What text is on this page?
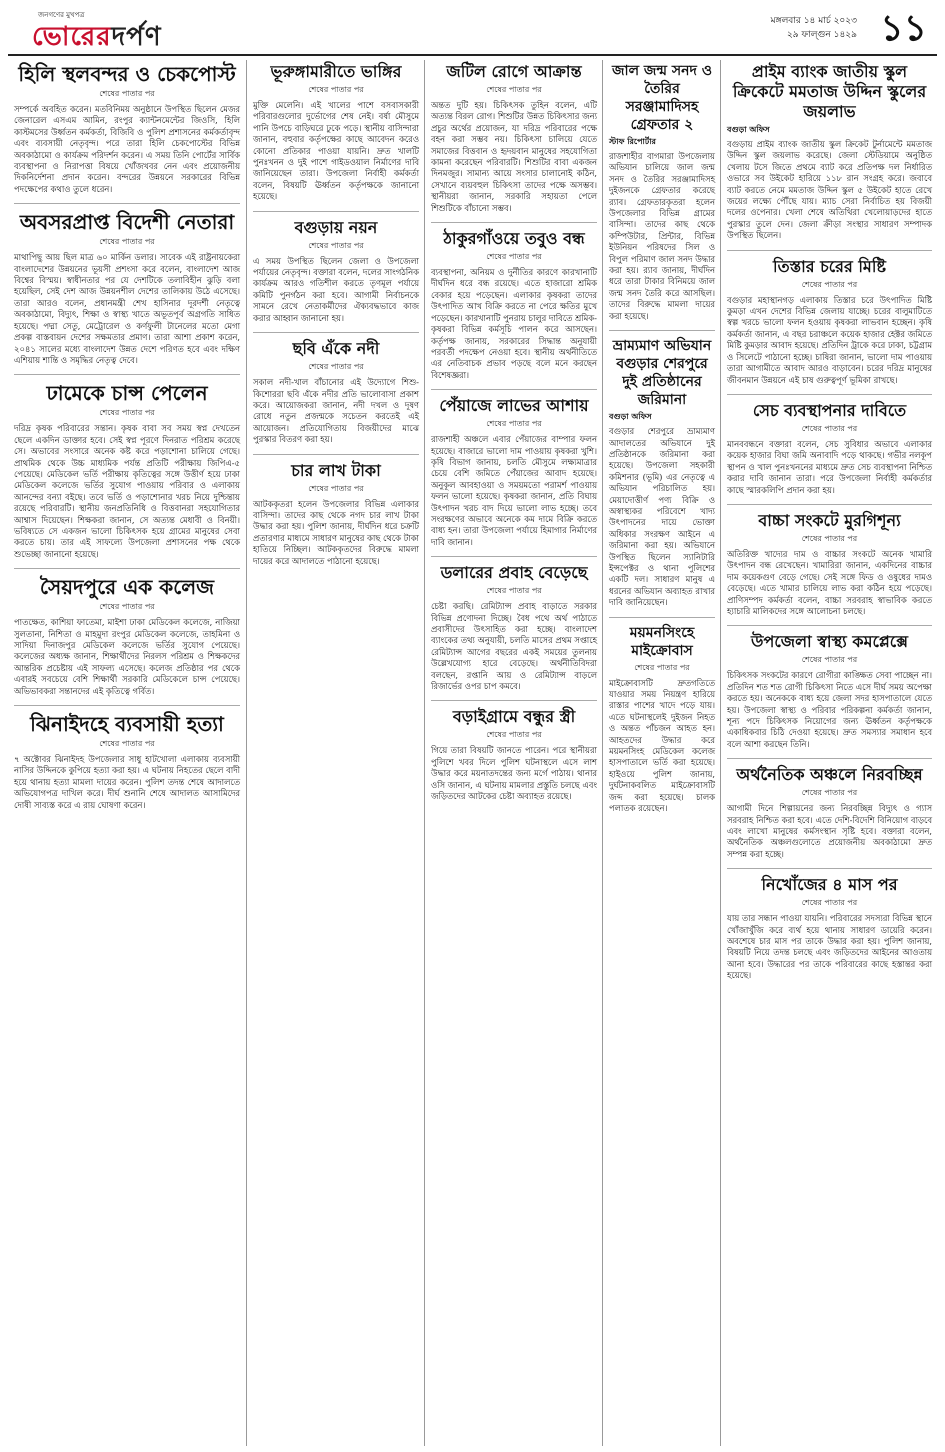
জনগণের মুখপত্র
ভোরেরদর্পণ
মঙ্গলবার ১৪ মার্চ ২০২৩
২৯ ফাল্গুন ১৪২৯ ১১
হিলি স্থলবন্দর ও চেকপোস্ট
শেষের পাতার পর
সম্পর্কে অবহিত করেন। মতবিনিময় অনুষ্ঠানে উপস্থিত ছিলেন মেজর জেনারেল এসএম আমিন, রংপুর ক্যান্টনমেন্টের জিওসি, হিলি কাস্টমসের উর্ধ্বতন কর্মকর্তা, বিজিবি ও পুলিশ প্রশাসনের কর্মকর্তাবৃন্দ এবং ব্যবসায়ী নেতৃবৃন্দ। পরে তারা হিলি চেকপোস্টের বিভিন্ন অবকাঠামো ও কার্যক্রম পরিদর্শন করেন। এ সময় তিনি পোর্টের সার্বিক ব্যবস্থাপনা ও নিরাপত্তা বিষয়ে খোঁজখবর নেন এবং প্রয়োজনীয় দিকনির্দেশনা প্রদান করেন। বন্দরের উন্নয়নে সরকারের বিভিন্ন পদক্ষেপের কথাও তুলে ধরেন।
অবসরপ্রাপ্ত বিদেশী নেতারা
শেষের পাতার পর
মাথাপিছু আয় ছিল মাত্র ৬০ মার্কিন ডলার। সাবেক এই রাষ্ট্রনায়কেরা বাংলাদেশের উন্নয়নের ভূয়সী প্রশংসা করে বলেন, বাংলাদেশ আজ বিশ্বের বিস্ময়। স্বাধীনতার পর যে দেশটিকে তলাবিহীন ঝুড়ি বলা হয়েছিল, সেই দেশ আজ উন্নয়নশীল দেশের তালিকায় উঠে এসেছে। তারা আরও বলেন, প্রধানমন্ত্রী শেখ হাসিনার দূরদর্শী নেতৃত্বে অবকাঠামো, বিদ্যুৎ, শিক্ষা ও স্বাস্থ্য খাতে অভূতপূর্ব অগ্রগতি সাধিত হয়েছে। পদ্মা সেতু, মেট্রোরেল ও কর্ণফুলী টানেলের মতো মেগা প্রকল্প বাস্তবায়ন দেশের সক্ষমতার প্রমাণ। তারা আশা প্রকাশ করেন, ২০৪১ সালের মধ্যে বাংলাদেশ উন্নত দেশে পরিণত হবে এবং দক্ষিণ এশিয়ায় শান্তি ও সমৃদ্ধির নেতৃত্ব দেবে।
ঢামেকে চান্স পেলেন
শেষের পাতার পর
দরিদ্র কৃষক পরিবারের সন্তান। কৃষক বাবা সব সময় স্বপ্ন দেখতেন ছেলে একদিন ডাক্তার হবে। সেই স্বপ্ন পূরণে দিনরাত পরিশ্রম করেছে সে। অভাবের সংসারে অনেক কষ্ট করে পড়াশোনা চালিয়ে গেছে। প্রাথমিক থেকে উচ্চ মাধ্যমিক পর্যন্ত প্রতিটি পরীক্ষায় জিপিএ-৫ পেয়েছে। মেডিকেল ভর্তি পরীক্ষায় কৃতিত্বের সঙ্গে উত্তীর্ণ হয়ে ঢাকা মেডিকেল কলেজে ভর্তির সুযোগ পাওয়ায় পরিবার ও এলাকায় আনন্দের বন্যা বইছে। তবে ভর্তি ও পড়াশোনার খরচ নিয়ে দুশ্চিন্তায় রয়েছে পরিবারটি। স্থানীয় জনপ্রতিনিধি ও বিত্তবানরা সহযোগিতার আশ্বাস দিয়েছেন। শিক্ষকরা জানান, সে অত্যন্ত মেধাবী ও বিনয়ী। ভবিষ্যতে সে একজন ভালো চিকিৎসক হয়ে গ্রামের মানুষের সেবা করতে চায়। তার এই সাফল্যে উপজেলা প্রশাসনের পক্ষ থেকে শুভেচ্ছা জানানো হয়েছে।
সৈয়দপুরে এক কলেজ
শেষের পাতার পর
পাতক্ষেত, কাশিয়া ফাতেমা, মাইশা ঢাকা মেডিকেল কলেজে, নাজিয়া সুলতানা, নিশিতা ও মাহমুদা রংপুর মেডিকেল কলেজে, তাহমিনা ও সাদিয়া দিনাজপুর মেডিকেল কলেজে ভর্তির সুযোগ পেয়েছে। কলেজের অধ্যক্ষ জানান, শিক্ষার্থীদের নিরলস পরিশ্রম ও শিক্ষকদের আন্তরিক প্রচেষ্টায় এই সাফল্য এসেছে। কলেজ প্রতিষ্ঠার পর থেকে এবারই সবচেয়ে বেশি শিক্ষার্থী সরকারি মেডিকেলে চান্স পেয়েছে। অভিভাবকরা সন্তানদের এই কৃতিত্বে গর্বিত।
ঝিনাইদহে ব্যবসায়ী হত্যা
শেষের পাতার পর
৭ অক্টোবর ঝিনাইদহ উপজেলার সাধু হাটখোলা এলাকায় ব্যবসায়ী নাসির উদ্দিনকে কুপিয়ে হত্যা করা হয়। এ ঘটনায় নিহতের ছেলে বাদী হয়ে থানায় হত্যা মামলা দায়ের করেন। পুলিশ তদন্ত শেষে আদালতে অভিযোগপত্র দাখিল করে। দীর্ঘ শুনানি শেষে আদালত আসামিদের দোষী সাব্যস্ত করে এ রায় ঘোষণা করেন।
ভূরুঙ্গামারীতে ভাঙ্গির
শেষের পাতার পর
মুক্তি মেলেনি। এই খালের পাশে বসবাসকারী পরিবারগুলোর দুর্ভোগের শেষ নেই। বর্ষা মৌসুমে পানি উপচে বাড়িঘরে ঢুকে পড়ে। স্থানীয় বাসিন্দারা জানান, বহুবার কর্তৃপক্ষের কাছে আবেদন করেও কোনো প্রতিকার পাওয়া যায়নি। দ্রুত খালটি পুনঃখনন ও দুই পাশে গাইডওয়াল নির্মাণের দাবি জানিয়েছেন তারা। উপজেলা নির্বাহী কর্মকর্তা বলেন, বিষয়টি ঊর্ধ্বতন কর্তৃপক্ষকে জানানো হয়েছে।
বগুড়ায় নয়ন
শেষের পাতার পর
এ সময় উপস্থিত ছিলেন জেলা ও উপজেলা পর্যায়ের নেতৃবৃন্দ। বক্তারা বলেন, দলের সাংগঠনিক কার্যক্রম আরও গতিশীল করতে তৃণমূল পর্যায়ে কমিটি পুনর্গঠন করা হবে। আগামী নির্বাচনকে সামনে রেখে নেতাকর্মীদের ঐক্যবদ্ধভাবে কাজ করার আহ্বান জানানো হয়।
ছবি এঁকে নদী
শেষের পাতার পর
সকাল নদী-খাল বাঁচানোর এই উদ্যোগে শিশু-কিশোররা ছবি এঁকে নদীর প্রতি ভালোবাসা প্রকাশ করে। আয়োজকরা জানান, নদী দখল ও দূষণ রোধে নতুন প্রজন্মকে সচেতন করতেই এই আয়োজন। প্রতিযোগিতায় বিজয়ীদের মাঝে পুরস্কার বিতরণ করা হয়।
চার লাখ টাকা
শেষের পাতার পর
আটককৃতরা হলেন উপজেলার বিভিন্ন এলাকার বাসিন্দা। তাদের কাছ থেকে নগদ চার লাখ টাকা উদ্ধার করা হয়। পুলিশ জানায়, দীর্ঘদিন ধরে চক্রটি প্রতারণার মাধ্যমে সাধারণ মানুষের কাছ থেকে টাকা হাতিয়ে নিচ্ছিল। আটককৃতদের বিরুদ্ধে মামলা দায়ের করে আদালতে পাঠানো হয়েছে।
জটিল রোগে আক্রান্ত
শেষের পাতার পর
অন্তত দুটি হয়। চিকিৎসক তুহিন বলেন, এটি অত্যন্ত বিরল রোগ। শিশুটির উন্নত চিকিৎসার জন্য প্রচুর অর্থের প্রয়োজন, যা দরিদ্র পরিবারের পক্ষে বহন করা সম্ভব নয়। চিকিৎসা চালিয়ে যেতে সমাজের বিত্তবান ও হৃদয়বান মানুষের সহযোগিতা কামনা করেছেন পরিবারটি। শিশুটির বাবা একজন দিনমজুর। সামান্য আয়ে সংসার চালানোই কঠিন, সেখানে ব্যয়বহুল চিকিৎসা তাদের পক্ষে অসম্ভব। স্থানীয়রা জানান, সরকারি সহায়তা পেলে শিশুটিকে বাঁচানো সম্ভব।
ঠাকুরগাঁওয়ে তবুও বন্ধ
শেষের পাতার পর
ব্যবস্থাপনা, অনিয়ম ও দুর্নীতির কারণে কারখানাটি দীর্ঘদিন ধরে বন্ধ রয়েছে। এতে হাজারো শ্রমিক বেকার হয়ে পড়েছেন। এলাকার কৃষকরা তাদের উৎপাদিত আখ বিক্রি করতে না পেরে ক্ষতির মুখে পড়েছেন। কারখানাটি পুনরায় চালুর দাবিতে শ্রমিক-কৃষকরা বিভিন্ন কর্মসূচি পালন করে আসছেন। কর্তৃপক্ষ জানায়, সরকারের সিদ্ধান্ত অনুযায়ী পরবর্তী পদক্ষেপ নেওয়া হবে। স্থানীয় অর্থনীতিতে এর নেতিবাচক প্রভাব পড়ছে বলে মনে করছেন বিশেষজ্ঞরা।
পেঁয়াজে লাভের আশায়
শেষের পাতার পর
রাজশাহী অঞ্চলে এবার পেঁয়াজের বাম্পার ফলন হয়েছে। বাজারে ভালো দাম পাওয়ায় কৃষকরা খুশি। কৃষি বিভাগ জানায়, চলতি মৌসুমে লক্ষ্যমাত্রার চেয়ে বেশি জমিতে পেঁয়াজের আবাদ হয়েছে। অনুকূল আবহাওয়া ও সময়মতো পরামর্শ পাওয়ায় ফলন ভালো হয়েছে। কৃষকরা জানান, প্রতি বিঘায় উৎপাদন খরচ বাদ দিয়ে ভালো লাভ হচ্ছে। তবে সংরক্ষণের অভাবে অনেকে কম দামে বিক্রি করতে বাধ্য হন। তারা উপজেলা পর্যায়ে হিমাগার নির্মাণের দাবি জানান।
ডলারের প্রবাহ বেড়েছে
শেষের পাতার পর
চেষ্টা করছি। রেমিট্যান্স প্রবাহ বাড়াতে সরকার বিভিন্ন প্রণোদনা দিচ্ছে। বৈধ পথে অর্থ পাঠাতে প্রবাসীদের উৎসাহিত করা হচ্ছে। বাংলাদেশ ব্যাংকের তথ্য অনুযায়ী, চলতি মাসের প্রথম সপ্তাহে রেমিট্যান্স আগের বছরের একই সময়ের তুলনায় উল্লেখযোগ্য হারে বেড়েছে। অর্থনীতিবিদরা বলছেন, রপ্তানি আয় ও রেমিট্যান্স বাড়লে রিজার্ভের ওপর চাপ কমবে।
বড়াইগ্রামে বন্ধুর স্ত্রী
শেষের পাতার পর
গিয়ে তারা বিষয়টি জানতে পারেন। পরে স্থানীয়রা পুলিশে খবর দিলে পুলিশ ঘটনাস্থলে এসে লাশ উদ্ধার করে ময়নাতদন্তের জন্য মর্গে পাঠায়। থানার ওসি জানান, এ ঘটনায় মামলার প্রস্তুতি চলছে এবং জড়িতদের আটকের চেষ্টা অব্যাহত রয়েছে।
জাল জন্ম সনদ ও তৈরির সরঞ্জামাদিসহ গ্রেফতার ২
স্টাফ রিপোর্টার
রাজশাহীর বাগমারা উপজেলায় অভিযান চালিয়ে জাল জন্ম সনদ ও তৈরির সরঞ্জামাদিসহ দুইজনকে গ্রেফতার করেছে র‌্যাব। গ্রেফতারকৃতরা হলেন উপজেলার বিভিন্ন গ্রামের বাসিন্দা। তাদের কাছ থেকে কম্পিউটার, প্রিন্টার, বিভিন্ন ইউনিয়ন পরিষদের সিল ও বিপুল পরিমাণ জাল সনদ উদ্ধার করা হয়। র‌্যাব জানায়, দীর্ঘদিন ধরে তারা টাকার বিনিময়ে জাল জন্ম সনদ তৈরি করে আসছিল। তাদের বিরুদ্ধে মামলা দায়ের করা হয়েছে।
ভ্রাম্যমাণ অভিযান বগুড়ার শেরপুরে দুই প্রতিষ্ঠানের জরিমানা
বগুড়া অফিস
বগুড়ার শেরপুরে ভ্রাম্যমাণ আদালতের অভিযানে দুই প্রতিষ্ঠানকে জরিমানা করা হয়েছে। উপজেলা সহকারী কমিশনার (ভূমি) এর নেতৃত্বে এ অভিযান পরিচালিত হয়। মেয়াদোত্তীর্ণ পণ্য বিক্রি ও অস্বাস্থ্যকর পরিবেশে খাদ্য উৎপাদনের দায়ে ভোক্তা অধিকার সংরক্ষণ আইনে এ জরিমানা করা হয়। অভিযানে উপস্থিত ছিলেন স্যানিটারি ইন্সপেক্টর ও থানা পুলিশের একটি দল। সাধারণ মানুষ এ ধরনের অভিযান অব্যাহত রাখার দাবি জানিয়েছেন।
ময়মনসিংহে মাইক্রোবাস
শেষের পাতার পর
মাইক্রোবাসটি দ্রুতগতিতে যাওয়ার সময় নিয়ন্ত্রণ হারিয়ে রাস্তার পাশের খাদে পড়ে যায়। এতে ঘটনাস্থলেই দুইজন নিহত ও অন্তত পাঁচজন আহত হন। আহতদের উদ্ধার করে ময়মনসিংহ মেডিকেল কলেজ হাসপাতালে ভর্তি করা হয়েছে। হাইওয়ে পুলিশ জানায়, দুর্ঘটনাকবলিত মাইক্রোবাসটি জব্দ করা হয়েছে। চালক পলাতক রয়েছেন।
প্রাইম ব্যাংক জাতীয় স্কুল ক্রিকেটে মমতাজ উদ্দিন স্কুলের জয়লাভ
বগুড়া অফিস
বগুড়ায় প্রাইম ব্যাংক জাতীয় স্কুল ক্রিকেট টুর্নামেন্টে মমতাজ উদ্দিন স্কুল জয়লাভ করেছে। জেলা স্টেডিয়ামে অনুষ্ঠিত খেলায় টসে জিতে প্রথমে ব্যাট করে প্রতিপক্ষ দল নির্ধারিত ওভারে সব উইকেট হারিয়ে ১১৮ রান সংগ্রহ করে। জবাবে ব্যাট করতে নেমে মমতাজ উদ্দিন স্কুল ৫ উইকেট হাতে রেখে জয়ের লক্ষ্যে পৌঁছে যায়। ম্যাচ সেরা নির্বাচিত হয় বিজয়ী দলের ওপেনার। খেলা শেষে অতিথিরা খেলোয়াড়দের হাতে পুরস্কার তুলে দেন। জেলা ক্রীড়া সংস্থার সাধারণ সম্পাদক উপস্থিত ছিলেন।
তিস্তার চরের মিষ্টি
শেষের পাতার পর
বগুড়ার মহাস্থানগড় এলাকায় তিস্তার চরে উৎপাদিত মিষ্টি কুমড়া এখন দেশের বিভিন্ন জেলায় যাচ্ছে। চরের বালুমাটিতে স্বল্প খরচে ভালো ফলন হওয়ায় কৃষকরা লাভবান হচ্ছেন। কৃষি কর্মকর্তা জানান, এ বছর চরাঞ্চলে কয়েক হাজার হেক্টর জমিতে মিষ্টি কুমড়ার আবাদ হয়েছে। প্রতিদিন ট্রাকে করে ঢাকা, চট্টগ্রাম ও সিলেটে পাঠানো হচ্ছে। চাষিরা জানান, ভালো দাম পাওয়ায় তারা আগামীতে আবাদ আরও বাড়াবেন। চরের দরিদ্র মানুষের জীবনমান উন্নয়নে এই চাষ গুরুত্বপূর্ণ ভূমিকা রাখছে।
সেচ ব্যবস্থাপনার দাবিতে
শেষের পাতার পর
মানববন্ধনে বক্তারা বলেন, সেচ সুবিধার অভাবে এলাকার কয়েক হাজার বিঘা জমি অনাবাদি পড়ে থাকছে। গভীর নলকূপ স্থাপন ও খাল পুনঃখননের মাধ্যমে দ্রুত সেচ ব্যবস্থাপনা নিশ্চিত করার দাবি জানান তারা। পরে উপজেলা নির্বাহী কর্মকর্তার কাছে স্মারকলিপি প্রদান করা হয়।
বাচ্চা সংকটে মুরগিশূন্য
শেষের পাতার পর
অতিরিক্ত খাদ্যের দাম ও বাচ্চার সংকটে অনেক খামারি উৎপাদন বন্ধ রেখেছেন। খামারিরা জানান, একদিনের বাচ্চার দাম কয়েকগুণ বেড়ে গেছে। সেই সঙ্গে ফিড ও ওষুধের দামও বেড়েছে। এতে খামার চালিয়ে লাভ করা কঠিন হয়ে পড়েছে। প্রাণিসম্পদ কর্মকর্তা বলেন, বাচ্চা সরবরাহ স্বাভাবিক করতে হ্যাচারি মালিকদের সঙ্গে আলোচনা চলছে।
উপজেলা স্বাস্থ্য কমপ্লেক্সে
শেষের পাতার পর
চিকিৎসক সংকটের কারণে রোগীরা কাঙ্ক্ষিত সেবা পাচ্ছেন না। প্রতিদিন শত শত রোগী চিকিৎসা নিতে এসে দীর্ঘ সময় অপেক্ষা করতে হয়। অনেককে বাধ্য হয়ে জেলা সদর হাসপাতালে যেতে হয়। উপজেলা স্বাস্থ্য ও পরিবার পরিকল্পনা কর্মকর্তা জানান, শূন্য পদে চিকিৎসক নিয়োগের জন্য ঊর্ধ্বতন কর্তৃপক্ষকে একাধিকবার চিঠি দেওয়া হয়েছে। দ্রুত সমস্যার সমাধান হবে বলে আশা করছেন তিনি।
অর্থনৈতিক অঞ্চলে নিরবচ্ছিন্ন
শেষের পাতার পর
আগামী দিনে শিল্পায়নের জন্য নিরবচ্ছিন্ন বিদ্যুৎ ও গ্যাস সরবরাহ নিশ্চিত করা হবে। এতে দেশি-বিদেশি বিনিয়োগ বাড়বে এবং লাখো মানুষের কর্মসংস্থান সৃষ্টি হবে। বক্তারা বলেন, অর্থনৈতিক অঞ্চলগুলোতে প্রয়োজনীয় অবকাঠামো দ্রুত সম্পন্ন করা হচ্ছে।
নিখোঁজের ৪ মাস পর
শেষের পাতার পর
যায় তার সন্ধান পাওয়া যায়নি। পরিবারের সদস্যরা বিভিন্ন স্থানে খোঁজাখুঁজি করে ব্যর্থ হয়ে থানায় সাধারণ ডায়েরি করেন। অবশেষে চার মাস পর তাকে উদ্ধার করা হয়। পুলিশ জানায়, বিষয়টি নিয়ে তদন্ত চলছে এবং জড়িতদের আইনের আওতায় আনা হবে। উদ্ধারের পর তাকে পরিবারের কাছে হস্তান্তর করা হয়েছে।
